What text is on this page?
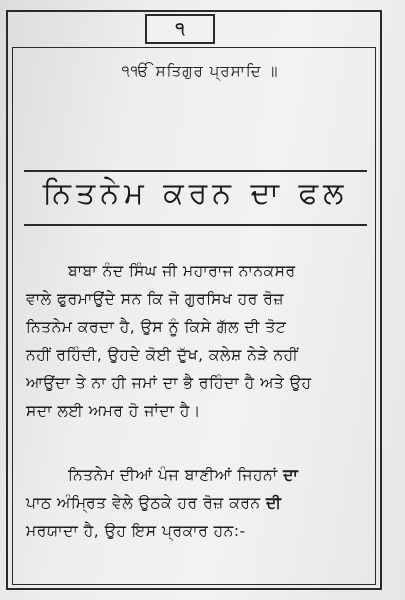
੧
੧ੴ ਸਤਿਗੁਰ ਪ੍ਰਸਾਦਿ ॥
ਨਿਤਨੇਮ ਕਰਨ ਦਾ ਫਲ
ਬਾਬਾ ਨੰਦ ਸਿੰਘ ਜੀ ਮਹਾਰਾਜ ਨਾਨਕਸਰ
ਵਾਲੇ ਫੁਰਮਾਉਂਦੇ ਸਨ ਕਿ ਜੋ ਗੁਰਸਿਖ ਹਰ ਰੋਜ਼
ਨਿਤਨੇਮ ਕਰਦਾ ਹੈ, ਉਸ ਨੂੰ ਕਿਸੇ ਗੱਲ ਦੀ ਤੋਟ
ਨਹੀਂ ਰਹਿੰਦੀ, ਉਹਦੇ ਕੋਈ ਦੁੱਖ, ਕਲੇਸ਼ ਨੇੜੇ ਨਹੀਂ
ਆਉਂਦਾ ਤੇ ਨਾ ਹੀ ਜਮਾਂ ਦਾ ਭੈ ਰਹਿੰਦਾ ਹੈ ਅਤੇ ਉਹ
ਸਦਾ ਲਈ ਅਮਰ ਹੋ ਜਾਂਦਾ ਹੈ।
ਨਿਤਨੇਮ ਦੀਆਂ ਪੰਜ ਬਾਣੀਆਂ ਜਿਹਨਾਂ ਦਾ
ਪਾਠ ਅੰਮ੍ਰਿਤ ਵੇਲੇ ਉਠਕੇ ਹਰ ਰੋਜ਼ ਕਰਨ ਦੀ
ਮਰਯਾਦਾ ਹੈ, ਉਹ ਇਸ ਪ੍ਰਕਾਰ ਹਨ:-
